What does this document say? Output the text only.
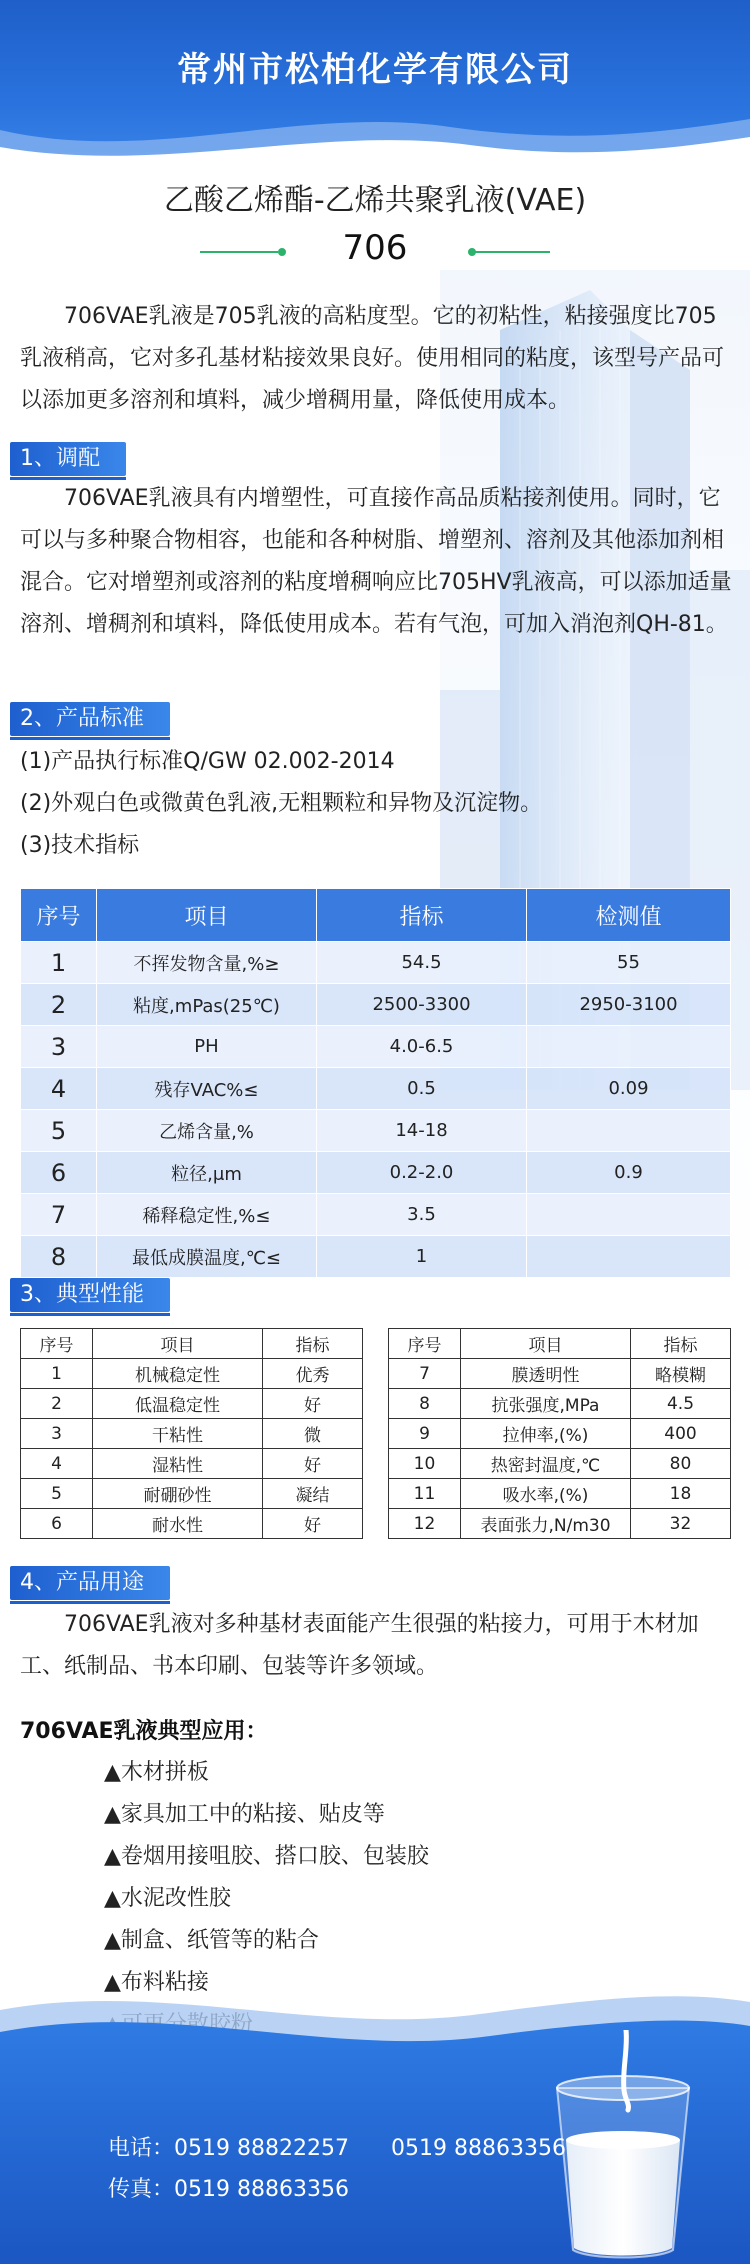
常州市松柏化学有限公司
乙酸乙烯酯-乙烯共聚乳液(VAE)
706
706VAE乳液是705乳液的高粘度型。它的初粘性，粘接强度比705乳液稍高，它对多孔基材粘接效果良好。使用相同的粘度，该型号产品可以添加更多溶剂和填料，减少增稠用量，降低使用成本。
1、调配
706VAE乳液具有内增塑性，可直接作高品质粘接剂使用。同时，它可以与多种聚合物相容，也能和各种树脂、增塑剂、溶剂及其他添加剂相混合。它对增塑剂或溶剂的粘度增稠响应比705HV乳液高，可以添加适量溶剂、增稠剂和填料，降低使用成本。若有气泡，可加入消泡剂QH-81。
2、产品标准
(1)产品执行标准Q/GW 02.002-2014
(2)外观白色或微黄色乳液,无粗颗粒和异物及沉淀物。
(3)技术指标
序号	项目	指标	检测值
1	不挥发物含量,%≥	54.5	55
2	粘度,mPas(25℃)	2500-3300	2950-3100
3	PH	4.0-6.5	
4	残存VAC%≤	0.5	0.09
5	乙烯含量,%	14-18	
6	粒径,μm	0.2-2.0	0.9
7	稀释稳定性,%≤	3.5	
8	最低成膜温度,℃≤	1	
3、典型性能
序号	项目	指标
1	机械稳定性	优秀
2	低温稳定性	好
3	干粘性	微
4	湿粘性	好
5	耐硼砂性	凝结
6	耐水性	好
序号	项目	指标
7	膜透明性	略模糊
8	抗张强度,MPa	4.5
9	拉伸率,(%)	400
10	热密封温度,℃	80
11	吸水率,(%)	18
12	表面张力,N/m30	32
4、产品用途
706VAE乳液对多种基材表面能产生很强的粘接力，可用于木材加工、纸制品、书本印刷、包装等许多领域。
706VAE乳液典型应用：
▲木材拼板
▲家具加工中的粘接、贴皮等
▲卷烟用接咀胶、搭口胶、包装胶
▲水泥改性胶
▲制盒、纸管等的粘合
▲布料粘接
电话：0519 88822257 0519 88863356
传真：0519 88863356
